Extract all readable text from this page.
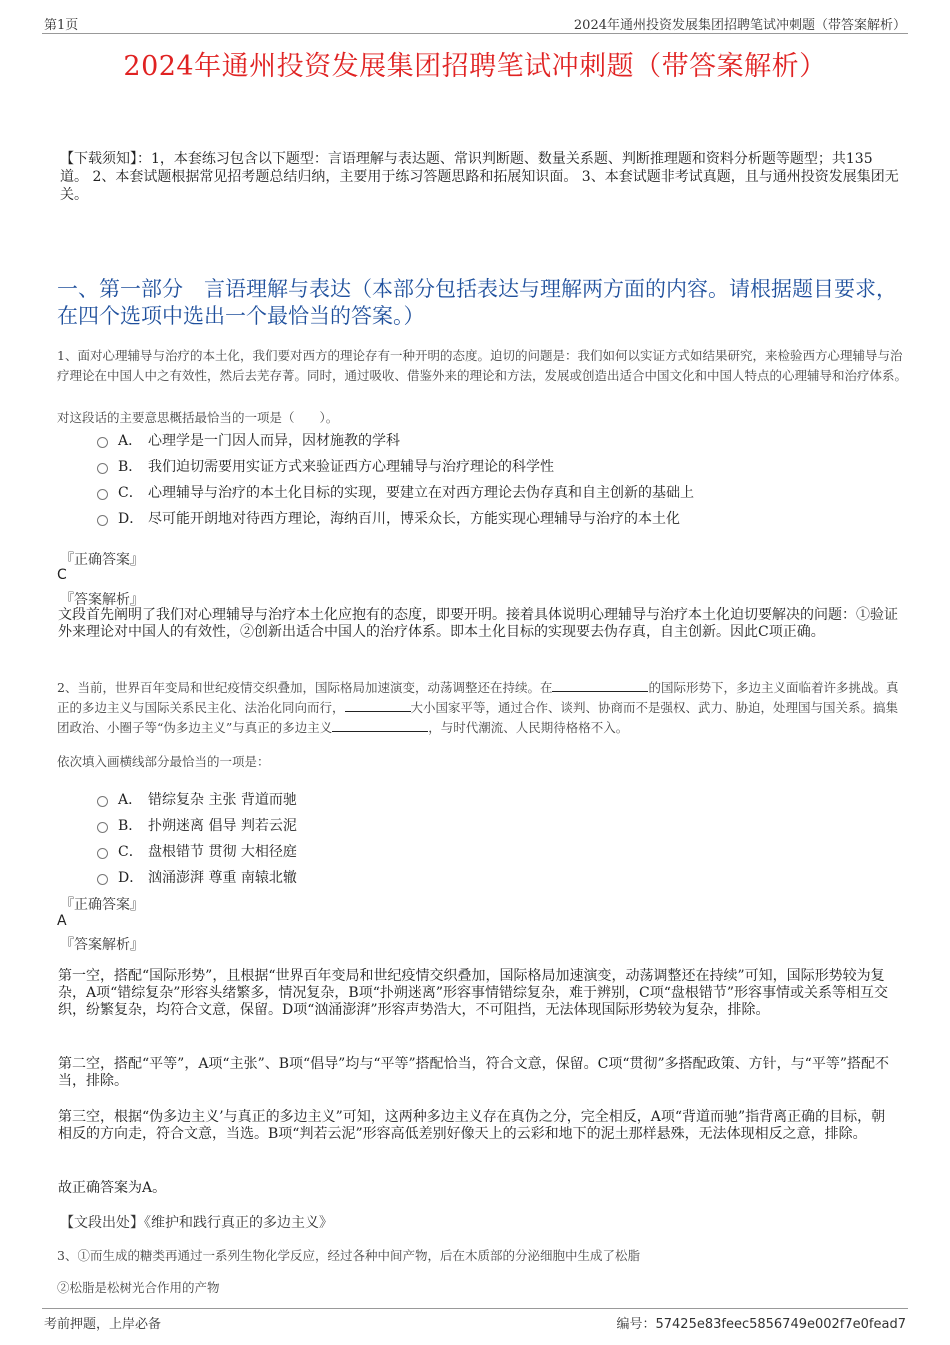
第1页	2024年通州投资发展集团招聘笔试冲刺题（带答案解析）
2024年通州投资发展集团招聘笔试冲刺题（带答案解析）
【下载须知】：1，本套练习包含以下题型：言语理解与表达题、常识判断题、数量关系题、判断推理题和资料分析题等题型；共135道。 2、本套试题根据常见招考题总结归纳，主要用于练习答题思路和拓展知识面。 3、本套试题非考试真题，且与通州投资发展集团无关。
一、第一部分　言语理解与表达（本部分包括表达与理解两方面的内容。请根据题目要求，在四个选项中选出一个最恰当的答案。）
1、面对心理辅导与治疗的本土化，我们要对西方的理论存有一种开明的态度。迫切的问题是：我们如何以实证方式如结果研究，来检验西方心理辅导与治疗理论在中国人中之有效性，然后去芜存菁。同时，通过吸收、借鉴外来的理论和方法，发展或创造出适合中国文化和中国人特点的心理辅导和治疗体系。
对这段话的主要意思概括最恰当的一项是（　　）。
A． 心理学是一门因人而异，因材施教的学科
B． 我们迫切需要用实证方式来验证西方心理辅导与治疗理论的科学性
C． 心理辅导与治疗的本土化目标的实现，要建立在对西方理论去伪存真和自主创新的基础上
D． 尽可能开朗地对待西方理论，海纳百川，博采众长，方能实现心理辅导与治疗的本土化
『正确答案』
C
『答案解析』
文段首先阐明了我们对心理辅导与治疗本土化应抱有的态度，即要开明。接着具体说明心理辅导与治疗本土化迫切要解决的问题：①验证外来理论对中国人的有效性，②创新出适合中国人的治疗体系。即本土化目标的实现要去伪存真，自主创新。因此C项正确。
2、当前，世界百年变局和世纪疫情交织叠加，国际格局加速演变，动荡调整还在持续。在	的国际形势下，多边主义面临着许多挑战。真正的多边主义与国际关系民主化、法治化同向而行，	大小国家平等，通过合作、谈判、协商而不是强权、武力、胁迫，处理国与国关系。搞集团政治、小圈子等“伪多边主义”与真正的多边主义	，与时代潮流、人民期待格格不入。
依次填入画横线部分最恰当的一项是：
A． 错综复杂 主张 背道而驰
B． 扑朔迷离 倡导 判若云泥
C． 盘根错节 贯彻 大相径庭
D． 汹涌澎湃 尊重 南辕北辙
『正确答案』
A
『答案解析』
第一空，搭配“国际形势”，且根据“世界百年变局和世纪疫情交织叠加，国际格局加速演变，动荡调整还在持续”可知，国际形势较为复杂，A项“错综复杂”形容头绪繁多，情况复杂，B项“扑朔迷离”形容事情错综复杂，难于辨别，C项“盘根错节”形容事情或关系等相互交织，纷繁复杂，均符合文意，保留。D项“汹涌澎湃”形容声势浩大，不可阻挡，无法体现国际形势较为复杂，排除。
第二空，搭配“平等”，A项“主张”、B项“倡导”均与“平等”搭配恰当，符合文意，保留。C项“贯彻”多搭配政策、方针，与“平等”搭配不当，排除。
第三空，根据“伪多边主义’与真正的多边主义”可知，这两种多边主义存在真伪之分，完全相反，A项“背道而驰”指背离正确的目标，朝相反的方向走，符合文意，当选。B项“判若云泥”形容高低差别好像天上的云彩和地下的泥土那样悬殊，无法体现相反之意，排除。
故正确答案为A。
【文段出处】《维护和践行真正的多边主义》
3、①而生成的糖类再通过一系列生物化学反应，经过各种中间产物，后在木质部的分泌细胞中生成了松脂
②松脂是松树光合作用的产物
考前押题，上岸必备	编号：57425e83feec5856749e002f7e0fead7
